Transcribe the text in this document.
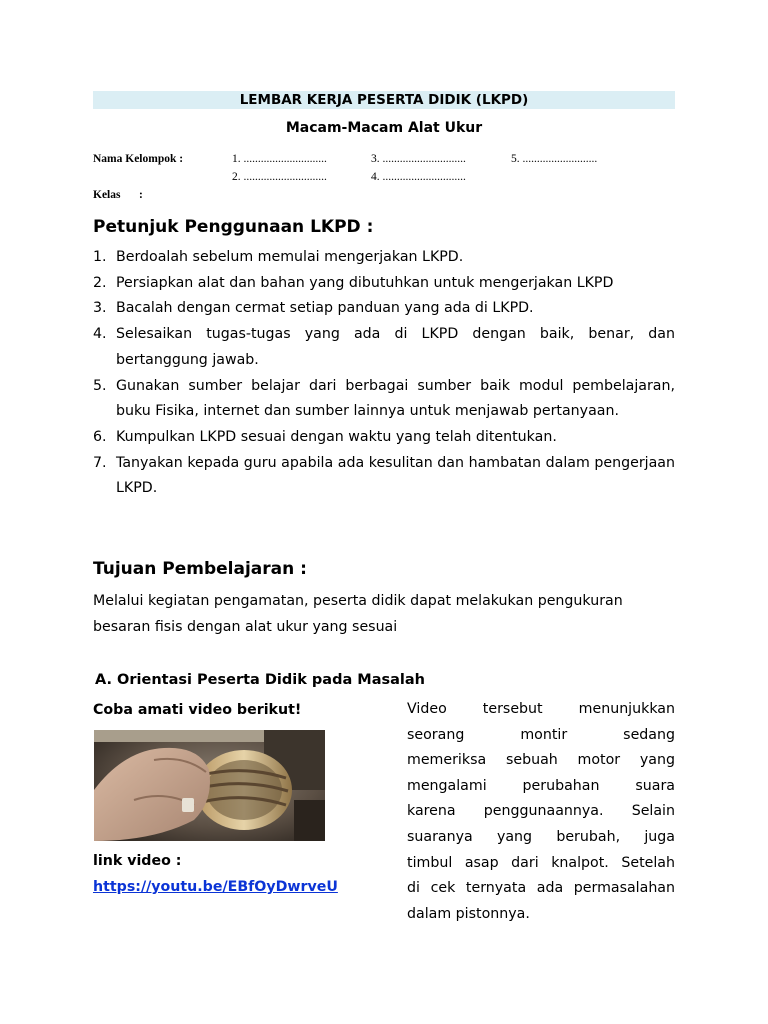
LEMBAR KERJA PESERTA DIDIK (LKPD)
Macam-Macam Alat Ukur
Nama Kelompok :	1. .............................	3. .............................	5. ..........................
2. .............................	4. .............................
Kelas :
Petunjuk Penggunaan LKPD :
1. Berdoalah sebelum memulai mengerjakan LKPD.
2. Persiapkan alat dan bahan yang dibutuhkan untuk mengerjakan LKPD
3. Bacalah dengan cermat setiap panduan yang ada di LKPD.
4. Selesaikan tugas-tugas yang ada di LKPD dengan baik, benar, dan bertanggung jawab.
5. Gunakan sumber belajar dari berbagai sumber baik modul pembelajaran, buku Fisika, internet dan sumber lainnya untuk menjawab pertanyaan.
6. Kumpulkan LKPD sesuai dengan waktu yang telah ditentukan.
7. Tanyakan kepada guru apabila ada kesulitan dan hambatan dalam pengerjaan LKPD.
Tujuan Pembelajaran :
Melalui kegiatan pengamatan, peserta didik dapat melakukan pengukuran besaran fisis dengan alat ukur yang sesuai
A. Orientasi Peserta Didik pada Masalah
Coba amati video berikut!
link video :
https://youtu.be/EBfOyDwrveU
Video	tersebut	menunjukkan
seorang	montir	sedang
memeriksa sebuah motor yang
mengalami	perubahan	suara
karena penggunaannya. Selain
suaranya yang berubah, juga
timbul asap dari knalpot. Setelah
di cek ternyata ada permasalahan
dalam
pistonnya.
